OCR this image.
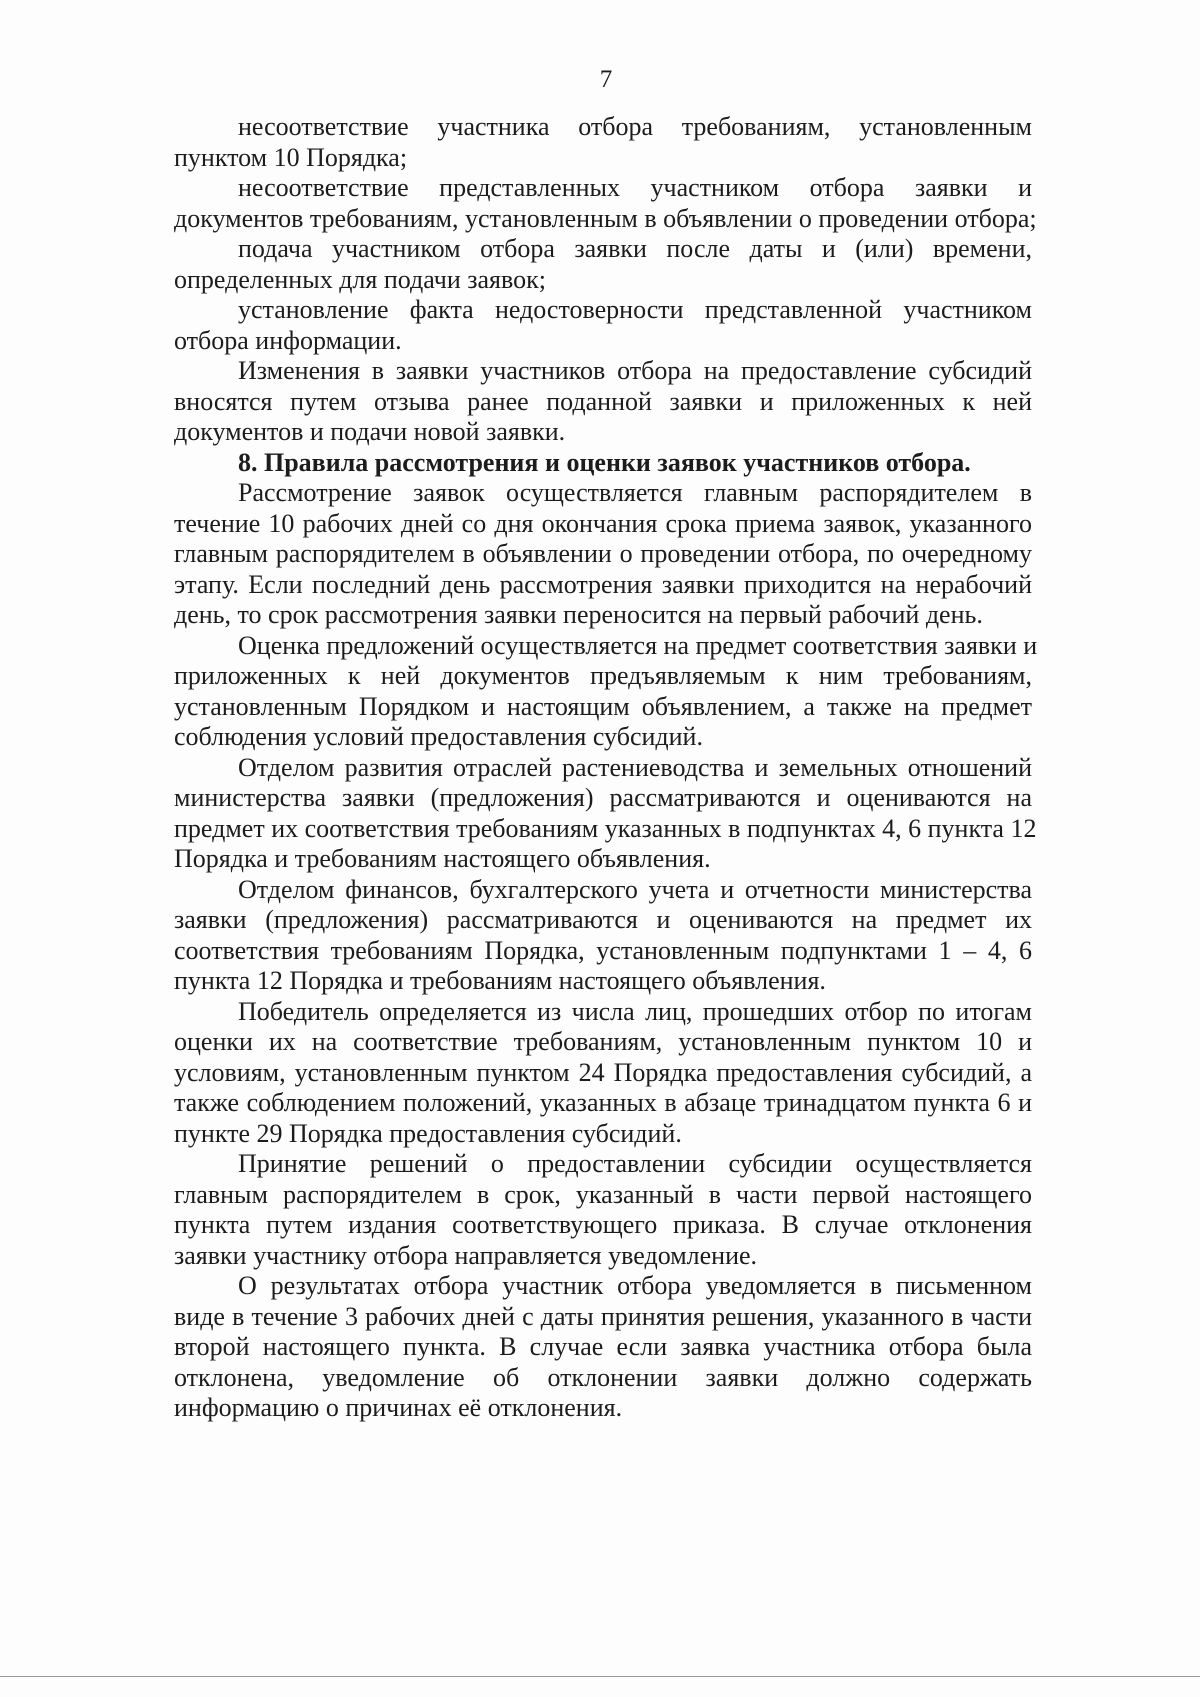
7

несоответствие участника отбора требованиям, установленным
пунктом 10 Порядка;

несоответствие представленных участником отбора заявки и
документов требованиям, установленным в объявлении о проведении отбора;

подача участником отбора заявки после даты и (или) времени,
определенных для подачи заявок;

установление факта недостоверности представленной участником
отбора информации.

Изменения в заявки участников отбора на предоставление субсидий
вносятся путем отзыва ранее поданной заявки и приложенных к ней
документов и подачи новой заявки.

8. Правила рассмотрения и оценки заявок участников отбора.

Рассмотрение заявок осуществляется главным распорядителем в
течение 10 рабочих дней со дня окончания срока приема заявок, указанного
главным распорядителем в объявлении о проведении отбора, по очередному
этапу. Если последний день рассмотрения заявки приходится на нерабочий
день, то срок рассмотрения заявки переносится на первый рабочий день.

Оценка предложений осуществляется на предмет соответствия заявки и
приложенных к ней документов предъявляемым к ним требованиям,
установленным Порядком и настоящим объявлением, а также на предмет
соблюдения условий предоставления субсидий.

Отделом развития отраслей растениеводства и земельных отношений
министерства заявки (предложения) рассматриваются и оцениваются на
предмет их соответствия требованиям указанных в подпунктах 4, 6 пункта 12
Порядка и требованиям настоящего объявления.

Отделом финансов, бухгалтерского учета и отчетности министерства
заявки (предложения) рассматриваются и оцениваются на предмет их
соответствия требованиям Порядка, установленным подпунктами 1 – 4, 6
пункта 12 Порядка и требованиям настоящего объявления.

Победитель определяется из числа лиц, прошедших отбор по итогам
оценки их на соответствие требованиям, установленным пунктом 10 и
условиям, установленным пунктом 24 Порядка предоставления субсидий, а
также соблюдением положений, указанных в абзаце тринадцатом пункта 6 и
пункте 29 Порядка предоставления субсидий.

Принятие решений о предоставлении субсидии осуществляется
главным распорядителем в срок, указанный в части первой настоящего
пункта путем издания соответствующего приказа. В случае отклонения
заявки участнику отбора направляется уведомление.

О результатах отбора участник отбора уведомляется в письменном
виде в течение 3 рабочих дней с даты принятия решения, указанного в части
второй настоящего пункта. В случае если заявка участника отбора была
отклонена, уведомление об отклонении заявки должно содержать
информацию о причинах её отклонения.
